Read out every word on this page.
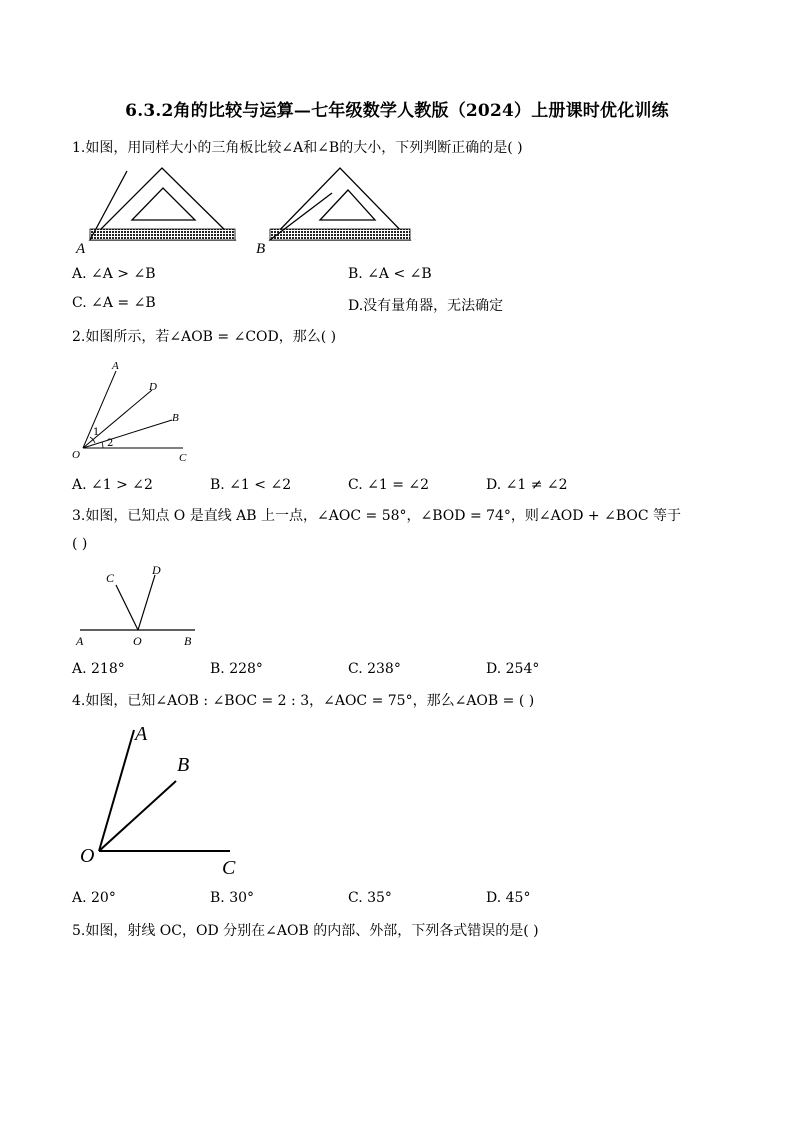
6.3.2角的比较与运算—七年级数学人教版（2024）上册课时优化训练
1.如图，用同样大小的三角板比较∠A和∠B的大小，下列判断正确的是( )
A	B
A. ∠A > ∠B	B. ∠A < ∠B
C. ∠A = ∠B	D.没有量角器，无法确定
2.如图所示，若∠AOB = ∠COD，那么( )
A
D
B
1
2
O	C
A. ∠1 > ∠2	B. ∠1 < ∠2	C. ∠1 = ∠2	D. ∠1 ≠ ∠2
3.如图，已知点 O 是直线 AB 上一点，∠AOC = 58°，∠BOD = 74°，则∠AOD + ∠BOC 等于
( )
C
D
A	O	B
A. 218°	B. 228°	C. 238°	D. 254°
4.如图，已知∠AOB : ∠BOC = 2 : 3，∠AOC = 75°，那么∠AOB = ( )
A
B
O
C
A. 20°	B. 30°	C. 35°	D. 45°
5.如图，射线 OC，OD 分别在∠AOB 的内部、外部，下列各式错误的是( )
